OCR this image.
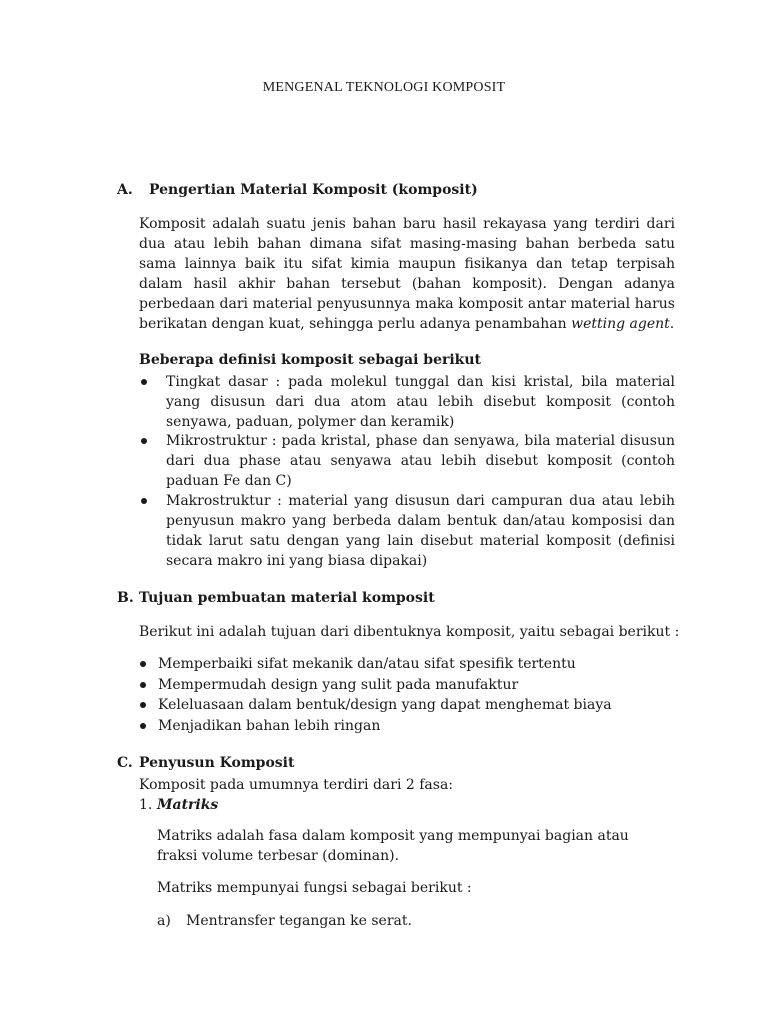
MENGENAL TEKNOLOGI KOMPOSIT
A. Pengertian Material Komposit (komposit)
Komposit adalah suatu jenis bahan baru hasil rekayasa yang terdiri dari dua atau lebih bahan dimana sifat masing-masing bahan berbeda satu sama lainnya baik itu sifat kimia maupun fisikanya dan tetap terpisah dalam hasil akhir bahan tersebut (bahan komposit). Dengan adanya perbedaan dari material penyusunnya maka komposit antar material harus berikatan dengan kuat, sehingga perlu adanya penambahan wetting agent.
Beberapa definisi komposit sebagai berikut
Tingkat dasar : pada molekul tunggal dan kisi kristal, bila material yang disusun dari dua atom atau lebih disebut komposit (contoh senyawa, paduan, polymer dan keramik)
Mikrostruktur : pada kristal, phase dan senyawa, bila material disusun dari dua phase atau senyawa atau lebih disebut komposit (contoh paduan Fe dan C)
Makrostruktur : material yang disusun dari campuran dua atau lebih penyusun makro yang berbeda dalam bentuk dan/atau komposisi dan tidak larut satu dengan yang lain disebut material komposit (definisi secara makro ini yang biasa dipakai)
B. Tujuan pembuatan material komposit
Berikut ini adalah tujuan dari dibentuknya komposit, yaitu sebagai berikut :
Memperbaiki sifat mekanik dan/atau sifat spesifik tertentu
Mempermudah design yang sulit pada manufaktur
Keleluasaan dalam bentuk/design yang dapat menghemat biaya
Menjadikan bahan lebih ringan
C. Penyusun Komposit
Komposit pada umumnya terdiri dari 2 fasa:
1. Matriks
Matriks adalah fasa dalam komposit yang mempunyai bagian atau fraksi volume terbesar (dominan).
Matriks mempunyai fungsi sebagai berikut :
a) Mentransfer tegangan ke serat.
